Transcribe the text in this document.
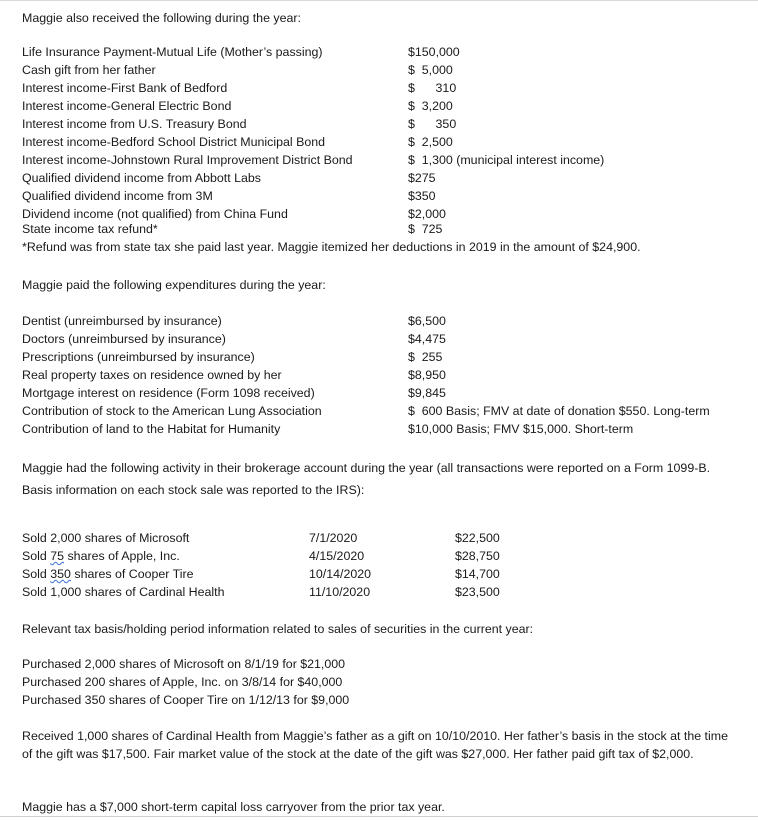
Maggie also received the following during the year:
Life Insurance Payment-Mutual Life (Mother’s passing)	$150,000
Cash gift from her father	$  5,000
Interest income-First Bank of Bedford	$      310
Interest income-General Electric Bond	$  3,200
Interest income from U.S. Treasury Bond	$      350
Interest income-Bedford School District Municipal Bond	$  2,500
Interest income-Johnstown Rural Improvement District Bond	$  1,300 (municipal interest income)
Qualified dividend income from Abbott Labs	$275
Qualified dividend income from 3M	$350
Dividend income (not qualified) from China Fund	$2,000
State income tax refund*	$  725
*Refund was from state tax she paid last year. Maggie itemized her deductions in 2019 in the amount of $24,900.
Maggie paid the following expenditures during the year:
Dentist (unreimbursed by insurance)	$6,500
Doctors (unreimbursed by insurance)	$4,475
Prescriptions (unreimbursed by insurance)	$  255
Real property taxes on residence owned by her	$8,950
Mortgage interest on residence (Form 1098 received)	$9,845
Contribution of stock to the American Lung Association	$  600 Basis; FMV at date of donation $550. Long-term
Contribution of land to the Habitat for Humanity	$10,000 Basis; FMV $15,000. Short-term
Maggie had the following activity in their brokerage account during the year (all transactions were reported on a Form 1099-B. Basis information on each stock sale was reported to the IRS):
Sold 2,000 shares of Microsoft	7/1/2020	$22,500
Sold 75 shares of Apple, Inc.	4/15/2020	$28,750
Sold 350 shares of Cooper Tire	10/14/2020	$14,700
Sold 1,000 shares of Cardinal Health	11/10/2020	$23,500
Relevant tax basis/holding period information related to sales of securities in the current year:
Purchased 2,000 shares of Microsoft on 8/1/19 for $21,000
Purchased 200 shares of Apple, Inc. on 3/8/14 for $40,000
Purchased 350 shares of Cooper Tire on 1/12/13 for $9,000
Received 1,000 shares of Cardinal Health from Maggie’s father as a gift on 10/10/2010. Her father’s basis in the stock at the time of the gift was $17,500. Fair market value of the stock at the date of the gift was $27,000. Her father paid gift tax of $2,000.
Maggie has a $7,000 short-term capital loss carryover from the prior tax year.
